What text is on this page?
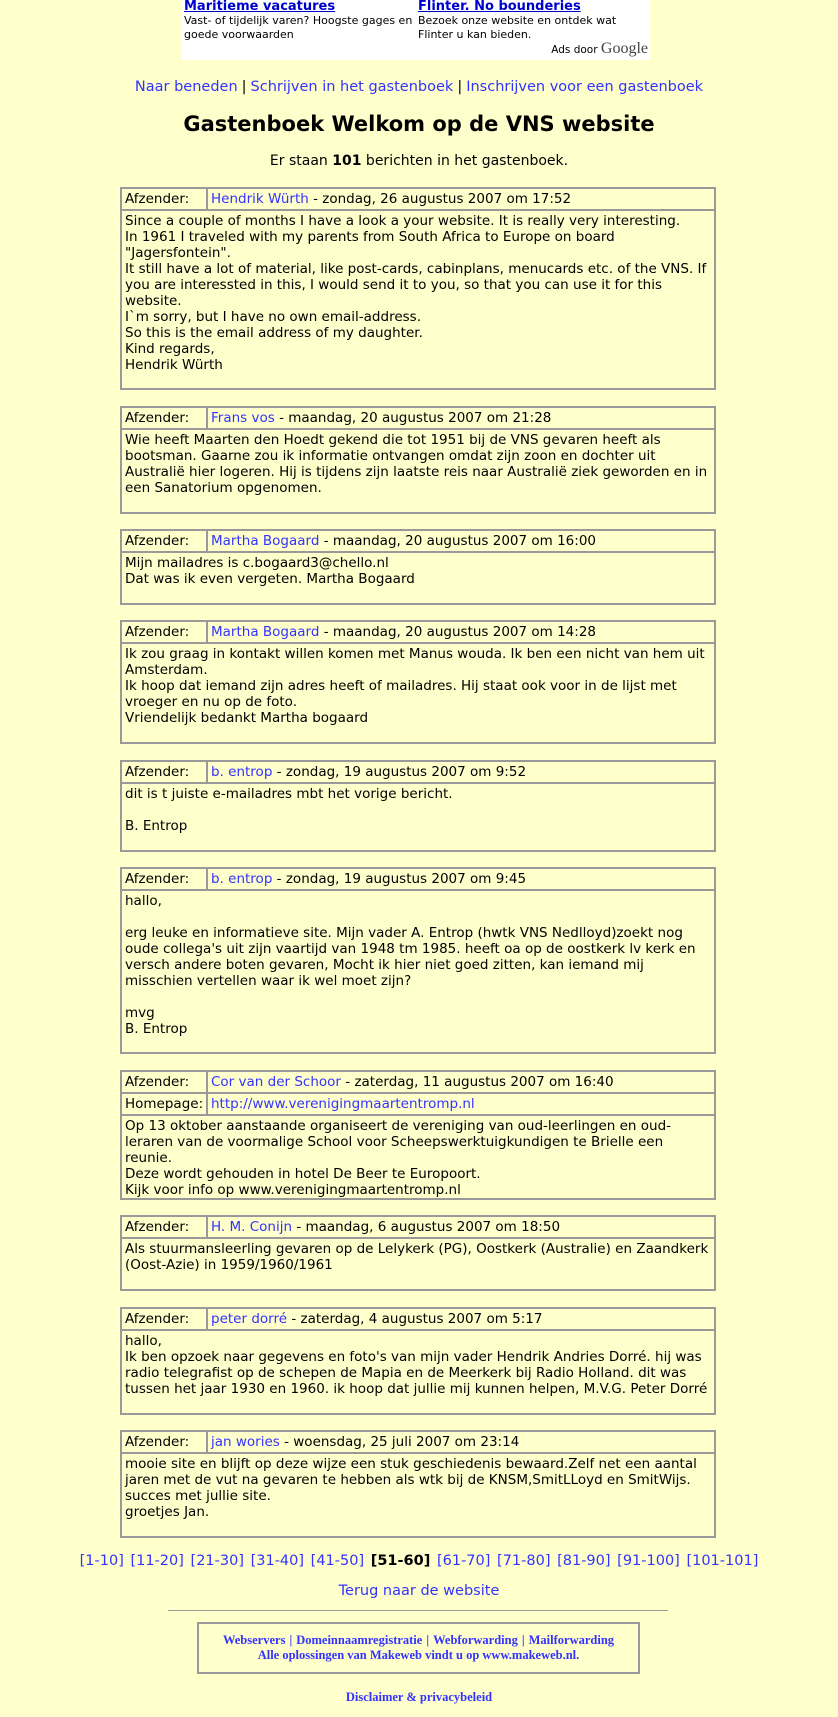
Maritieme vacatures
Vast- of tijdelijk varen? Hoogste gages en goede voorwaarden
Flinter. No bounderies
Bezoek onze website en ontdek wat Flinter u kan bieden.
Ads door Google
Naar beneden | Schrijven in het gastenboek | Inschrijven voor een gastenboek
Gastenboek Welkom op de VNS website
Er staan 101 berichten in het gastenboek.
Afzender:	Hendrik Würth - zondag, 26 augustus 2007 om 17:52
Since a couple of months I have a look a your website. It is really very interesting.
In 1961 I traveled with my parents from South Africa to Europe on board "Jagersfontein".
It still have a lot of material, like post-cards, cabinplans, menucards etc. of the VNS. If you are interessted in this, I would send it to you, so that you can use it for this website.
I`m sorry, but I have no own email-address.
So this is the email address of my daughter.
Kind regards,
Hendrik Würth
Afzender:	Frans vos - maandag, 20 augustus 2007 om 21:28
Wie heeft Maarten den Hoedt gekend die tot 1951 bij de VNS gevaren heeft als bootsman. Gaarne zou ik informatie ontvangen omdat zijn zoon en dochter uit Australië hier logeren. Hij is tijdens zijn laatste reis naar Australië ziek geworden en in een Sanatorium opgenomen.
Afzender:	Martha Bogaard - maandag, 20 augustus 2007 om 16:00
Mijn mailadres is c.bogaard3@chello.nl
Dat was ik even vergeten. Martha Bogaard
Afzender:	Martha Bogaard - maandag, 20 augustus 2007 om 14:28
Ik zou graag in kontakt willen komen met Manus wouda. Ik ben een nicht van hem uit Amsterdam.
Ik hoop dat iemand zijn adres heeft of mailadres. Hij staat ook voor in de lijst met vroeger en nu op de foto.
Vriendelijk bedankt Martha bogaard
Afzender:	b. entrop - zondag, 19 augustus 2007 om 9:52
dit is t juiste e-mailadres mbt het vorige bericht.

B. Entrop
Afzender:	b. entrop - zondag, 19 augustus 2007 om 9:45
hallo,

erg leuke en informatieve site. Mijn vader A. Entrop (hwtk VNS Nedlloyd)zoekt nog oude collega's uit zijn vaartijd van 1948 tm 1985. heeft oa op de oostkerk lv kerk en versch andere boten gevaren, Mocht ik hier niet goed zitten, kan iemand mij misschien vertellen waar ik wel moet zijn?

mvg
B. Entrop
Afzender:	Cor van der Schoor - zaterdag, 11 augustus 2007 om 16:40
Homepage: http://www.verenigingmaartentromp.nl
Op 13 oktober aanstaande organiseert de vereniging van oud-leerlingen en oud-leraren van de voormalige School voor Scheepswerktuigkundigen te Brielle een reunie.
Deze wordt gehouden in hotel De Beer te Europoort.
Kijk voor info op www.verenigingmaartentromp.nl
Afzender:	H. M. Conijn - maandag, 6 augustus 2007 om 18:50
Als stuurmansleerling gevaren op de Lelykerk (PG), Oostkerk (Australie) en Zaandkerk (Oost-Azie) in 1959/1960/1961
Afzender:	peter dorré - zaterdag, 4 augustus 2007 om 5:17
hallo,
Ik ben opzoek naar gegevens en foto's van mijn vader Hendrik Andries Dorré. hij was radio telegrafist op de schepen de Mapia en de Meerkerk bij Radio Holland. dit was tussen het jaar 1930 en 1960. ik hoop dat jullie mij kunnen helpen, M.V.G. Peter Dorré
Afzender:	jan wories - woensdag, 25 juli 2007 om 23:14
mooie site en blijft op deze wijze een stuk geschiedenis bewaard.Zelf net een aantal jaren met de vut na gevaren te hebben als wtk bij de KNSM,SmitLLoyd en SmitWijs.
succes met jullie site.
groetjes Jan.
[1-10] [11-20] [21-30] [31-40] [41-50] [51-60] [61-70] [71-80] [81-90] [91-100] [101-101]
Terug naar de website
Webservers | Domeinnaamregistratie | Webforwarding | Mailforwarding
Alle oplossingen van Makeweb vindt u op www.makeweb.nl.
Disclaimer & privacybeleid
